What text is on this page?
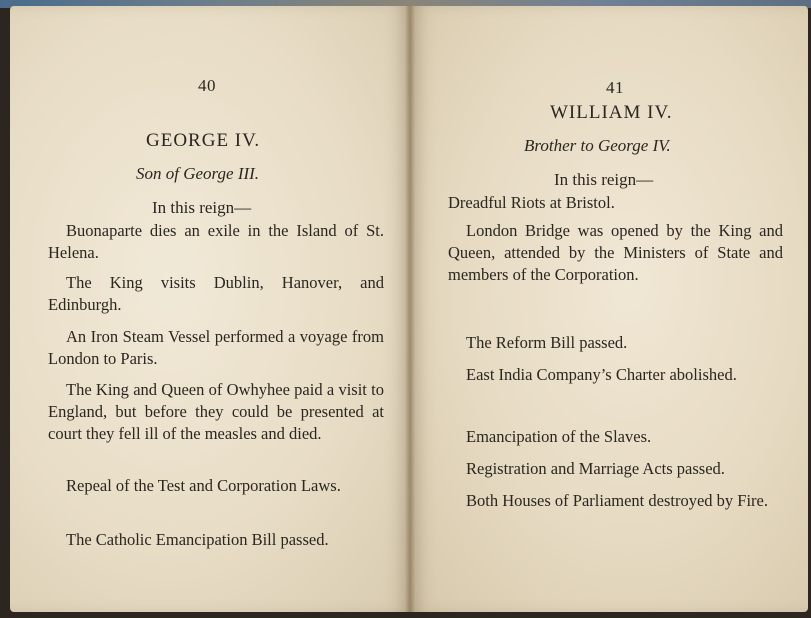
40
GEORGE IV.
Son of George III.
In this reign—

Buonaparte dies an exile in the Island of St. Helena.

The King visits Dublin, Hanover, and Edinburgh.

An Iron Steam Vessel performed a voyage from London to Paris.

The King and Queen of Owhyhee paid a visit to England, but before they could be presented at court they fell ill of the measles and died.

Repeal of the Test and Corporation Laws.

The Catholic Emancipation Bill passed.

41
WILLIAM IV.
Brother to George IV.
In this reign—

Dreadful Riots at Bristol.

London Bridge was opened by the King and Queen, attended by the Ministers of State and members of the Corporation.

The Reform Bill passed.

East India Company’s Charter abolished.

Emancipation of the Slaves.

Registration and Marriage Acts passed.

Both Houses of Parliament destroyed by Fire.
